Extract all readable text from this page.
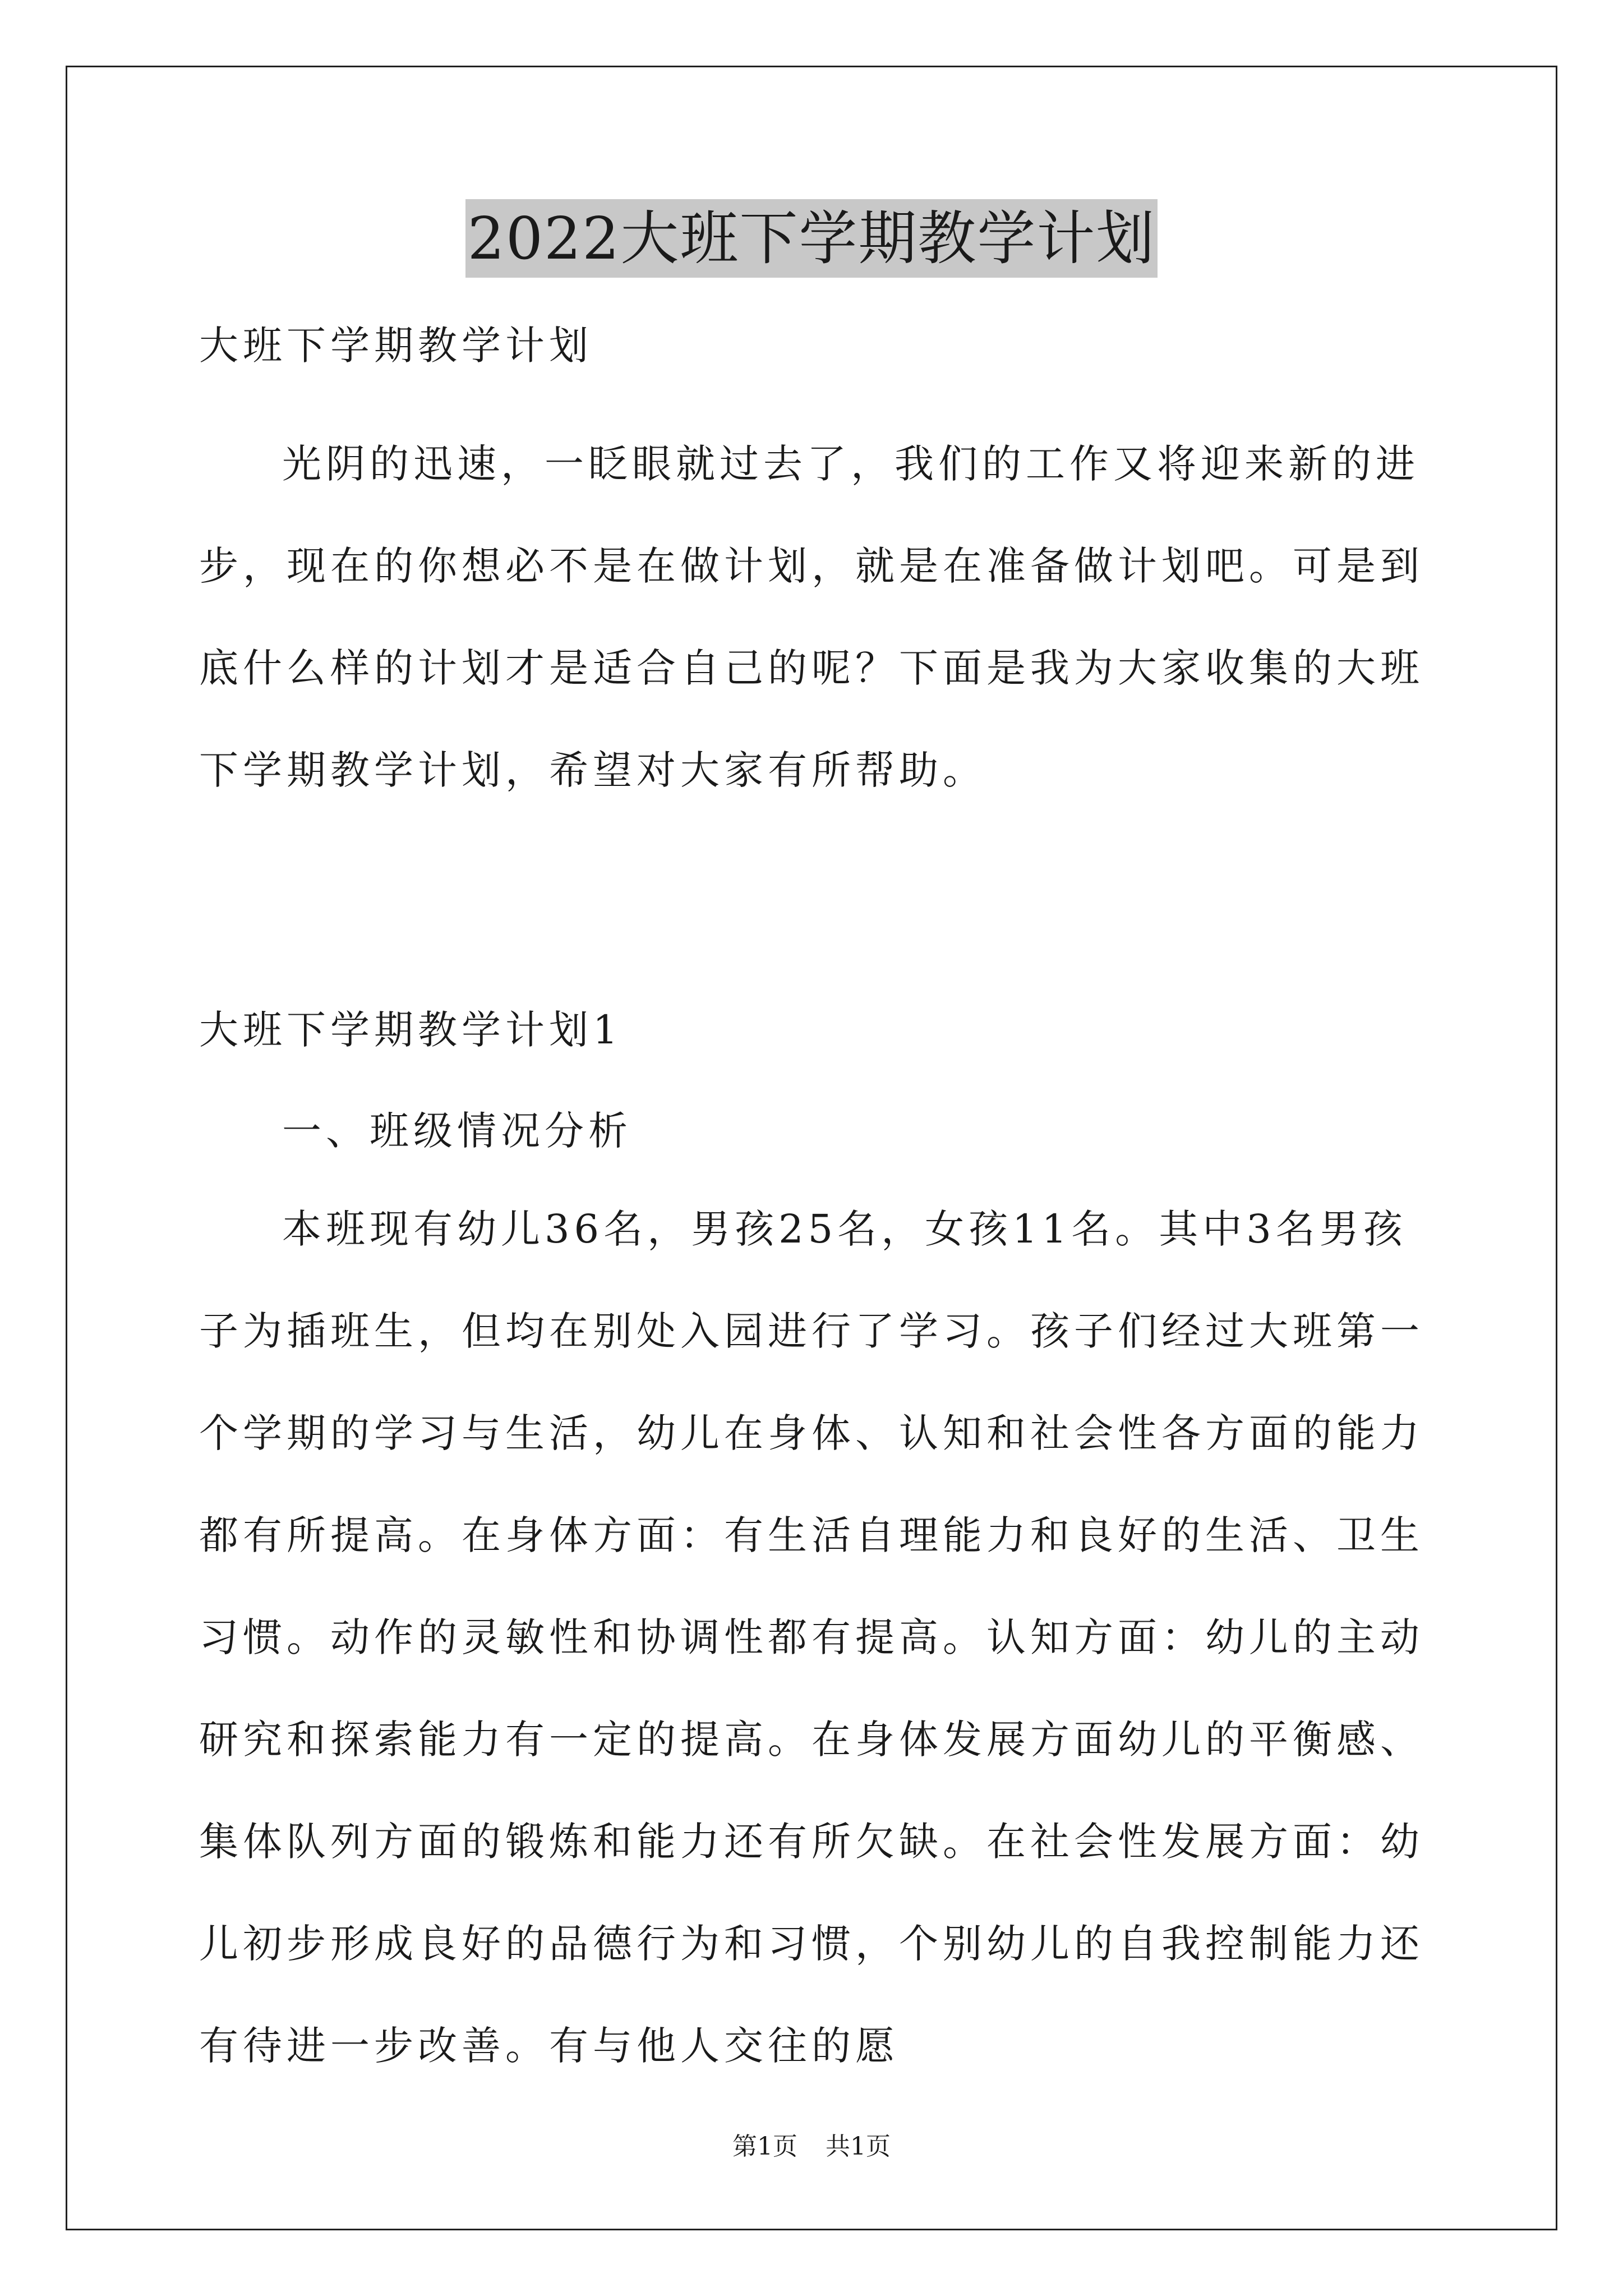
2022大班下学期教学计划
大班下学期教学计划

光阴的迅速，一眨眼就过去了，我们的工作又将迎来新的进步，现在的你想必不是在做计划，就是在准备做计划吧。可是到底什么样的计划才是适合自己的呢？下面是我为大家收集的大班下学期教学计划，希望对大家有所帮助。

大班下学期教学计划1
一、班级情况分析

本班现有幼儿36名，男孩25名，女孩11名。其中3名男孩子为插班生，但均在别处入园进行了学习。孩子们经过大班第一个学期的学习与生活，幼儿在身体、认知和社会性各方面的能力都有所提高。在身体方面：有生活自理能力和良好的生活、卫生习惯。动作的灵敏性和协调性都有提高。认知方面：幼儿的主动研究和探索能力有一定的提高。在身体发展方面幼儿的平衡感、集体队列方面的锻炼和能力还有所欠缺。在社会性发展方面：幼儿初步形成良好的品德行为和习惯，个别幼儿的自我控制能力还有待进一步改善。有与他人交往的愿

第1页 共1页
